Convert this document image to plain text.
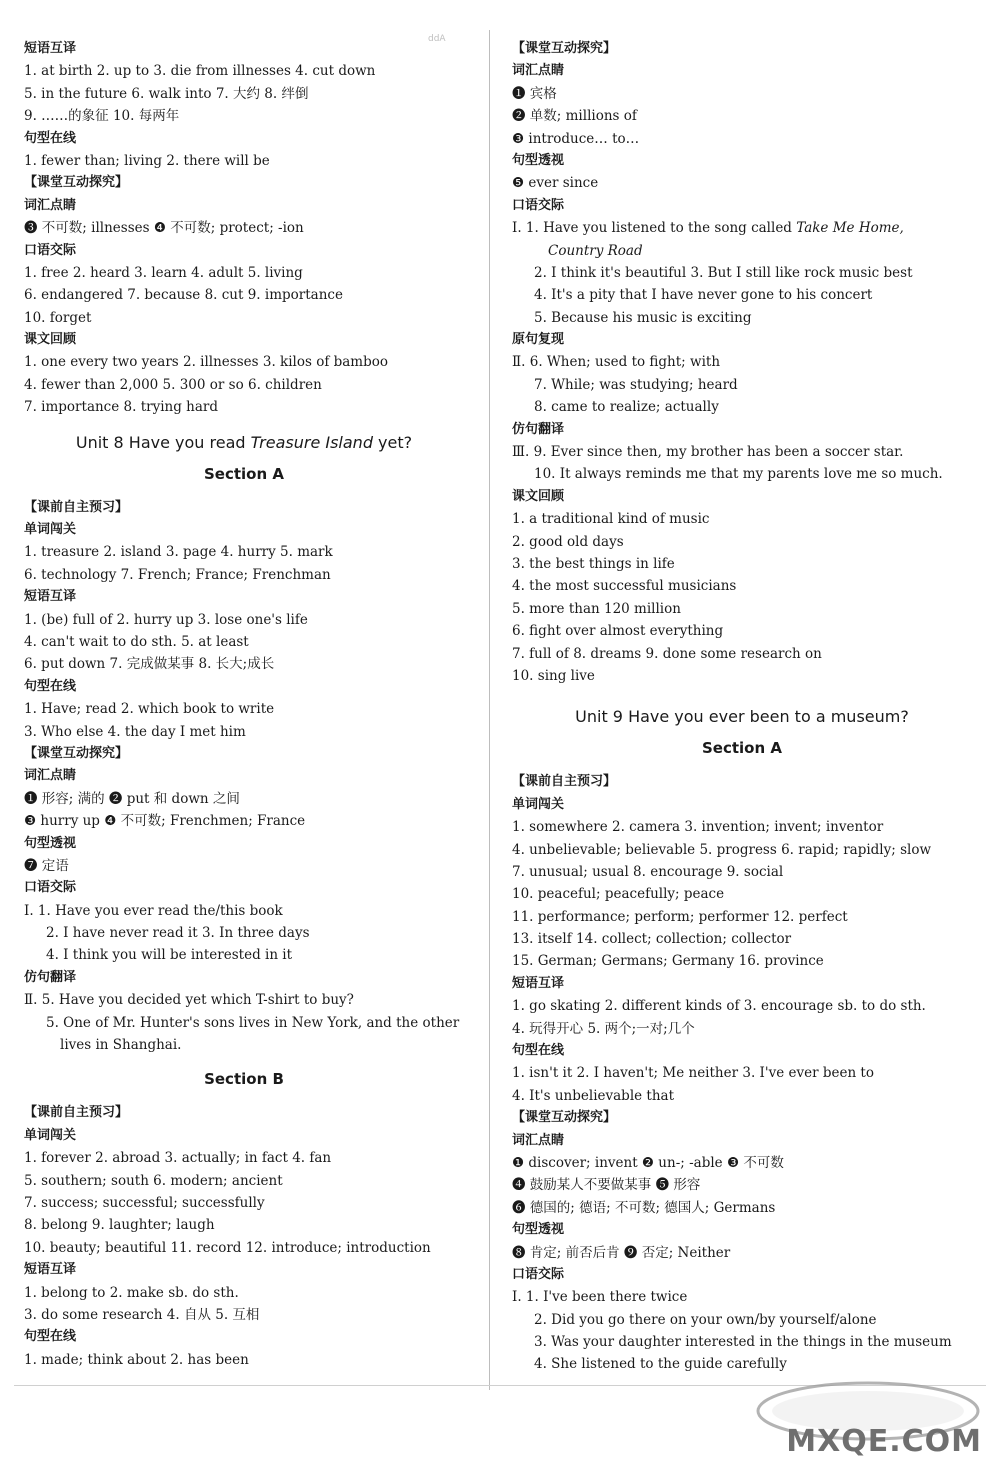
ddA
短语互译
1. at birth 2. up to 3. die from illnesses 4. cut down
5. in the future 6. walk into 7. 大约 8. 绊倒
9. ……的象征 10. 每两年
句型在线
1. fewer than; living 2. there will be
【课堂互动探究】
词汇点睛
❸ 不可数; illnesses ❹ 不可数; protect; -ion
口语交际
1. free 2. heard 3. learn 4. adult 5. living
6. endangered 7. because 8. cut 9. importance
10. forget
课文回顾
1. one every two years 2. illnesses 3. kilos of bamboo
4. fewer than 2,000 5. 300 or so 6. children
7. importance 8. trying hard
Unit 8 Have you read Treasure Island yet?
Section A
【课前自主预习】
单词闯关
1. treasure 2. island 3. page 4. hurry 5. mark
6. technology 7. French; France; Frenchman
短语互译
1. (be) full of 2. hurry up 3. lose one's life
4. can't wait to do sth. 5. at least
6. put down 7. 完成做某事 8. 长大;成长
句型在线
1. Have; read 2. which book to write
3. Who else 4. the day I met him
【课堂互动探究】
词汇点睛
❶ 形容; 满的 ❷ put 和 down 之间
❸ hurry up ❹ 不可数; Frenchmen; France
句型透视
❼ 定语
口语交际
Ⅰ. 1. Have you ever read the/this book
2. I have never read it 3. In three days
4. I think you will be interested in it
仿句翻译
Ⅱ. 5. Have you decided yet which T-shirt to buy?
5. One of Mr. Hunter's sons lives in New York, and the other
lives in Shanghai.
Section B
【课前自主预习】
单词闯关
1. forever 2. abroad 3. actually; in fact 4. fan
5. southern; south 6. modern; ancient
7. success; successful; successfully
8. belong 9. laughter; laugh
10. beauty; beautiful 11. record 12. introduce; introduction
短语互译
1. belong to 2. make sb. do sth.
3. do some research 4. 自从 5. 互相
句型在线
1. made; think about 2. has been
【课堂互动探究】
词汇点睛
❶ 宾格
❷ 单数; millions of
❸ introduce… to…
句型透视
❺ ever since
口语交际
Ⅰ. 1. Have you listened to the song called Take Me Home,
Country Road
2. I think it's beautiful 3. But I still like rock music best
4. It's a pity that I have never gone to his concert
5. Because his music is exciting
原句复现
Ⅱ. 6. When; used to fight; with
7. While; was studying; heard
8. came to realize; actually
仿句翻译
Ⅲ. 9. Ever since then, my brother has been a soccer star.
10. It always reminds me that my parents love me so much.
课文回顾
1. a traditional kind of music
2. good old days
3. the best things in life
4. the most successful musicians
5. more than 120 million
6. fight over almost everything
7. full of 8. dreams 9. done some research on
10. sing live
Unit 9 Have you ever been to a museum?
Section A
【课前自主预习】
单词闯关
1. somewhere 2. camera 3. invention; invent; inventor
4. unbelievable; believable 5. progress 6. rapid; rapidly; slow
7. unusual; usual 8. encourage 9. social
10. peaceful; peacefully; peace
11. performance; perform; performer 12. perfect
13. itself 14. collect; collection; collector
15. German; Germans; Germany 16. province
短语互译
1. go skating 2. different kinds of 3. encourage sb. to do sth.
4. 玩得开心 5. 两个;一对;几个
句型在线
1. isn't it 2. I haven't; Me neither 3. I've ever been to
4. It's unbelievable that
【课堂互动探究】
词汇点睛
❶ discover; invent ❷ un-; -able ❸ 不可数
❹ 鼓励某人不要做某事 ❺ 形容
❻ 德国的; 德语; 不可数; 德国人; Germans
句型透视
❽ 肯定; 前否后肯 ❾ 否定; Neither
口语交际
Ⅰ. 1. I've been there twice
2. Did you go there on your own/by yourself/alone
3. Was your daughter interested in the things in the museum
4. She listened to the guide carefully
MXQE.COM
